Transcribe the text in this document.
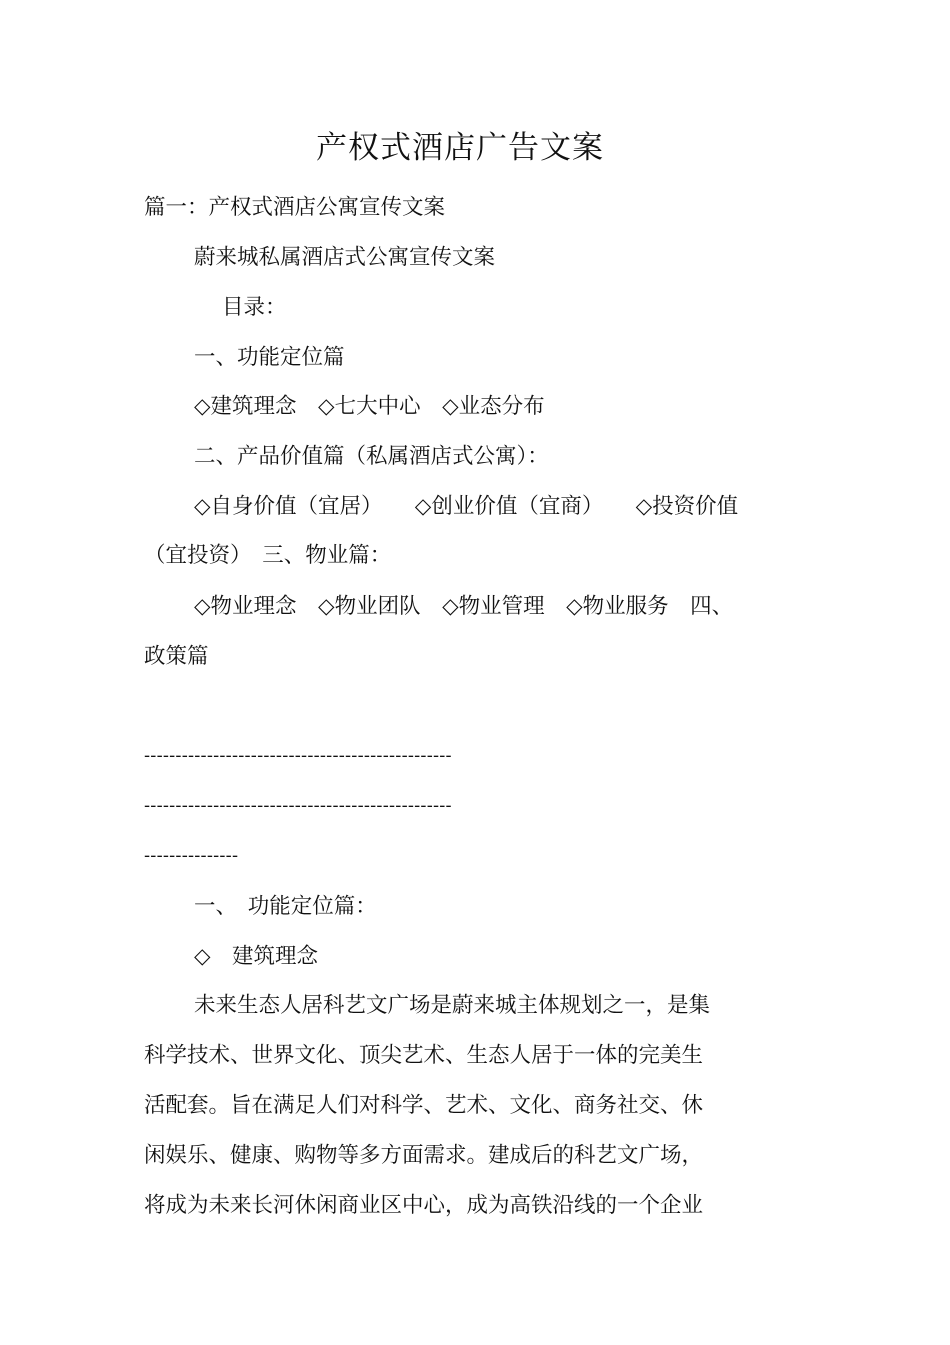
产权式酒店广告文案
篇一：产权式酒店公寓宣传文案
蔚来城私属酒店式公寓宣传文案
目录：
一、功能定位篇
◇建筑理念　◇七大中心　◇业态分布
二、产品价值篇（私属酒店式公寓）：
◇自身价值（宜居）　　◇创业价值（宜商）　　◇投资价值
（宜投资）　三、物业篇：
◇物业理念　◇物业团队　◇物业管理　◇物业服务　四、
政策篇
-------------------------------------------------
-------------------------------------------------
---------------
一、　功能定位篇：
◇　建筑理念
未来生态人居科艺文广场是蔚来城主体规划之一，是集
科学技术、世界文化、顶尖艺术、生态人居于一体的完美生
活配套。旨在满足人们对科学、艺术、文化、商务社交、休
闲娱乐、健康、购物等多方面需求。建成后的科艺文广场，
将成为未来长河休闲商业区中心，成为高铁沿线的一个企业
